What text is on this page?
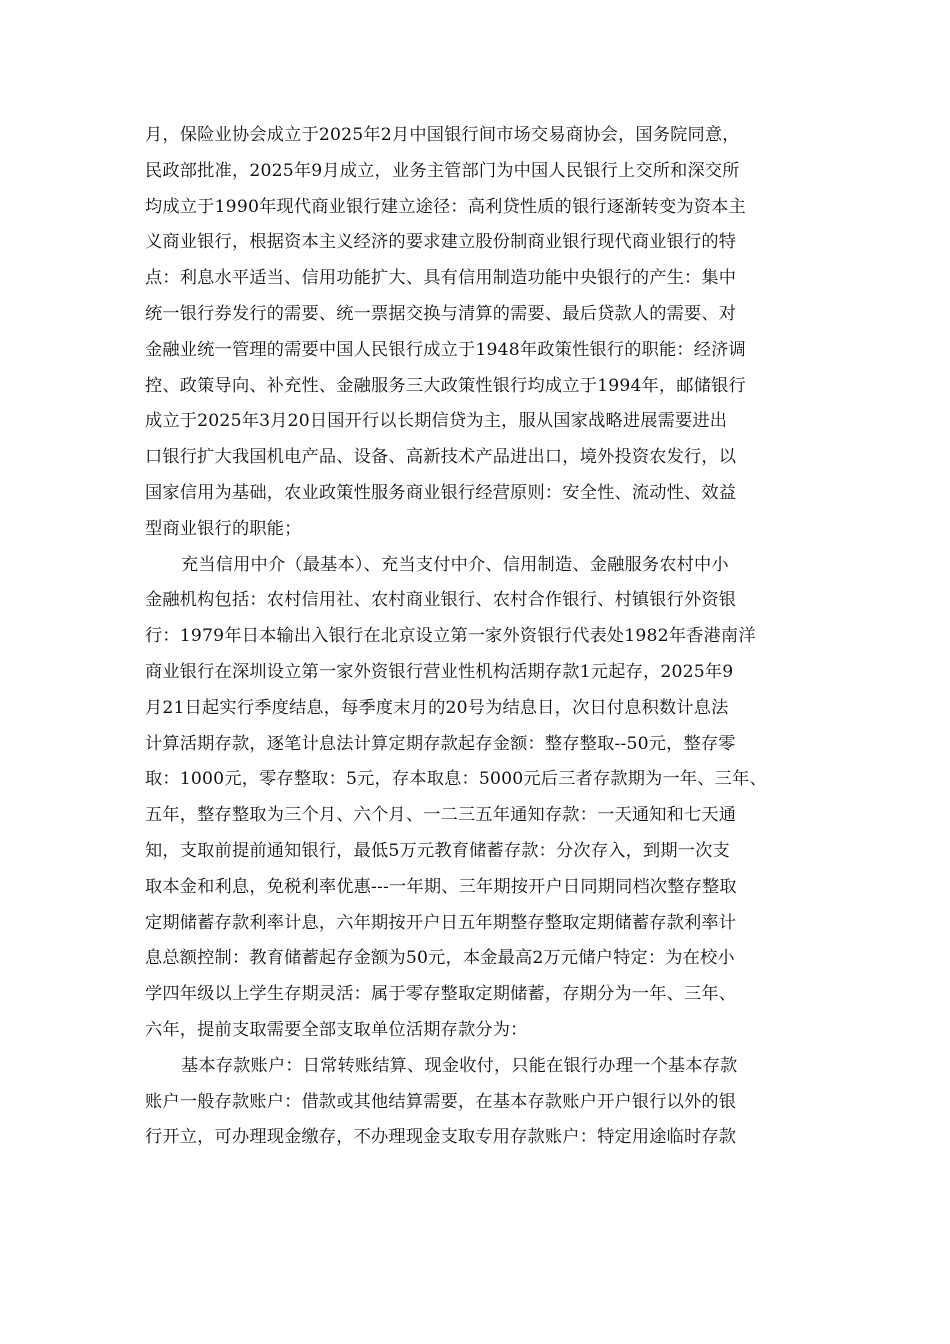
月，保险业协会成立于2025年2月中国银行间市场交易商协会，国务院同意，
民政部批准，2025年9月成立，业务主管部门为中国人民银行上交所和深交所
均成立于1990年现代商业银行建立途径：高利贷性质的银行逐渐转变为资本主
义商业银行，根据资本主义经济的要求建立股份制商业银行现代商业银行的特
点：利息水平适当、信用功能扩大、具有信用制造功能中央银行的产生：集中
统一银行券发行的需要、统一票据交换与清算的需要、最后贷款人的需要、对
金融业统一管理的需要中国人民银行成立于1948年政策性银行的职能：经济调
控、政策导向、补充性、金融服务三大政策性银行均成立于1994年，邮储银行
成立于2025年3月20日国开行以长期信贷为主，服从国家战略进展需要进出
口银行扩大我国机电产品、设备、高新技术产品进出口，境外投资农发行，以
国家信用为基础，农业政策性服务商业银行经营原则：安全性、流动性、效益
型商业银行的职能；
充当信用中介（最基本）、充当支付中介、信用制造、金融服务农村中小
金融机构包括：农村信用社、农村商业银行、农村合作银行、村镇银行外资银
行：1979年日本输出入银行在北京设立第一家外资银行代表处1982年香港南洋
商业银行在深圳设立第一家外资银行营业性机构活期存款1元起存，2025年9
月21日起实行季度结息，每季度末月的20号为结息日，次日付息积数计息法
计算活期存款，逐笔计息法计算定期存款起存金额：整存整取--50元，整存零
取：1000元，零存整取：5元，存本取息：5000元后三者存款期为一年、三年、
五年，整存整取为三个月、六个月、一二三五年通知存款：一天通知和七天通
知，支取前提前通知银行，最低5万元教育储蓄存款：分次存入，到期一次支
取本金和利息，免税利率优惠---一年期、三年期按开户日同期同档次整存整取
定期储蓄存款利率计息，六年期按开户日五年期整存整取定期储蓄存款利率计
息总额控制：教育储蓄起存金额为50元，本金最高2万元储户特定：为在校小
学四年级以上学生存期灵活：属于零存整取定期储蓄，存期分为一年、三年、
六年，提前支取需要全部支取单位活期存款分为：
基本存款账户：日常转账结算、现金收付，只能在银行办理一个基本存款
账户一般存款账户：借款或其他结算需要，在基本存款账户开户银行以外的银
行开立，可办理现金缴存，不办理现金支取专用存款账户：特定用途临时存款
